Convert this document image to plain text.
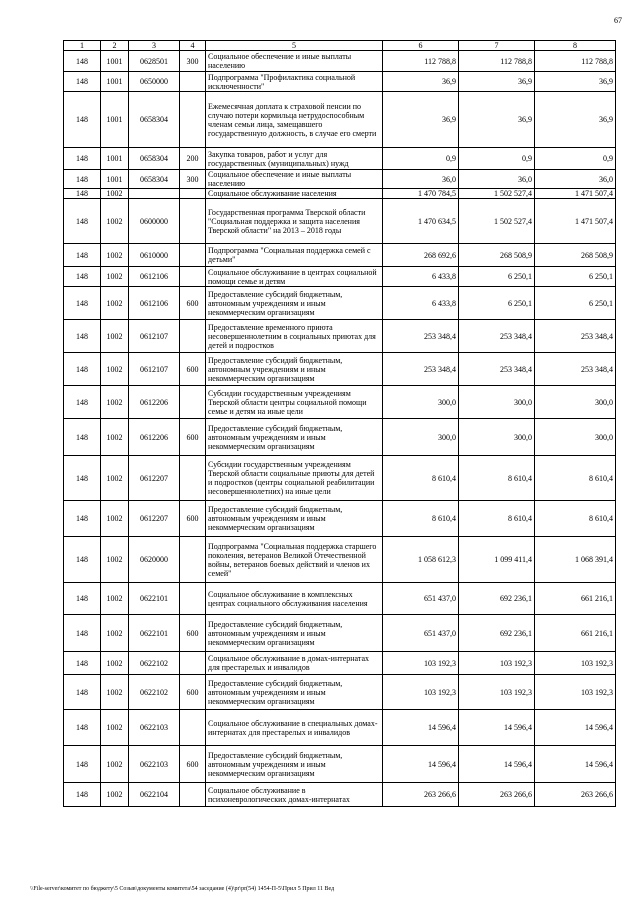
67
1	2	3	4	5	6	7	8
148	1001	0628501	300	Социальное обеспечение и иные выплаты населению	112 788,8	112 788,8	112 788,8
148	1001	0650000		Подпрограмма "Профилактика социальной исключенности"	36,9	36,9	36,9
148	1001	0658304		Ежемесячная доплата к страховой пенсии по случаю потери кормильца нетрудоспособным членам семьи лица, замещавшего государственную должность, в случае его смерти	36,9	36,9	36,9
148	1001	0658304	200	Закупка товаров, работ и услуг для государственных (муниципальных) нужд	0,9	0,9	0,9
148	1001	0658304	300	Социальное обеспечение и иные выплаты населению	36,0	36,0	36,0
148	1002			Социальное обслуживание населения	1 470 784,5	1 502 527,4	1 471 507,4
148	1002	0600000		Государственная программа Тверской области "Социальная поддержка и защита населения Тверской области" на 2013 – 2018 годы	1 470 634,5	1 502 527,4	1 471 507,4
148	1002	0610000		Подпрограмма "Социальная поддержка семей с детьми"	268 692,6	268 508,9	268 508,9
148	1002	0612106		Социальное обслуживание в центрах социальной помощи семье и детям	6 433,8	6 250,1	6 250,1
148	1002	0612106	600	Предоставление субсидий бюджетным, автономным учреждениям и иным некоммерческим организациям	6 433,8	6 250,1	6 250,1
148	1002	0612107		Предоставление временного приюта несовершеннолетним в социальных приютах для детей и подростков	253 348,4	253 348,4	253 348,4
148	1002	0612107	600	Предоставление субсидий бюджетным, автономным учреждениям и иным некоммерческим организациям	253 348,4	253 348,4	253 348,4
148	1002	0612206		Субсидии государственным учреждениям Тверской области центры социальной помощи семье и детям на иные цели	300,0	300,0	300,0
148	1002	0612206	600	Предоставление субсидий бюджетным, автономным учреждениям и иным некоммерческим организациям	300,0	300,0	300,0
148	1002	0612207		Субсидии государственным учреждениям Тверской области социальные приюты для детей и подростков (центры социальной реабилитации несовершеннолетних) на иные цели	8 610,4	8 610,4	8 610,4
148	1002	0612207	600	Предоставление субсидий бюджетным, автономным учреждениям и иным некоммерческим организациям	8 610,4	8 610,4	8 610,4
148	1002	0620000		Подпрограмма "Социальная поддержка старшего поколения, ветеранов Великой Отечественной войны, ветеранов боевых действий и членов их семей"	1 058 612,3	1 099 411,4	1 068 391,4
148	1002	0622101		Социальное обслуживание в комплексных центрах социального обслуживания населения	651 437,0	692 236,1	661 216,1
148	1002	0622101	600	Предоставление субсидий бюджетным, автономным учреждениям и иным некоммерческим организациям	651 437,0	692 236,1	661 216,1
148	1002	0622102		Социальное обслуживание в домах-интернатах для престарелых и инвалидов	103 192,3	103 192,3	103 192,3
148	1002	0622102	600	Предоставление субсидий бюджетным, автономным учреждениям и иным некоммерческим организациям	103 192,3	103 192,3	103 192,3
148	1002	0622103		Социальное обслуживание в специальных домах-интернатах для престарелых и инвалидов	14 596,4	14 596,4	14 596,4
148	1002	0622103	600	Предоставление субсидий бюджетным, автономным учреждениям и иным некоммерческим организациям	14 596,4	14 596,4	14 596,4
148	1002	0622104		Социальное обслуживание в психоневрологических домах-интернатах	263 266,6	263 266,6	263 266,6
\\File-server\комитет по бюджету\5 Созыв\документы комитета\54 заседание (4)\pr\pr(54) 1454-П-5\Прил 5 Прил 11 Вед
